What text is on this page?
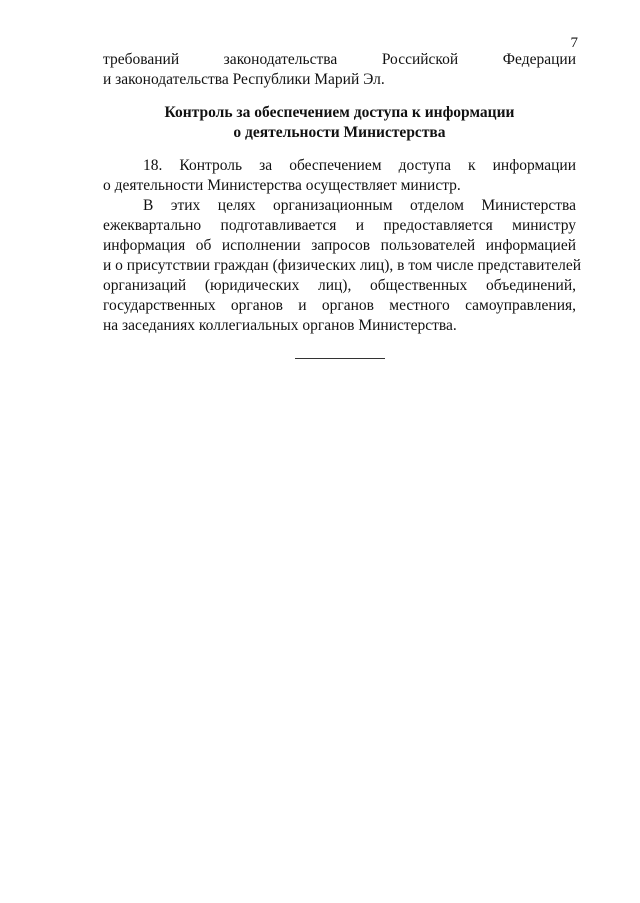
7
требований законодательства Российской Федерации
и законодательства Республики Марий Эл.
Контроль за обеспечением доступа к информации
о деятельности Министерства
18. Контроль за обеспечением доступа к информации
о деятельности Министерства осуществляет министр.
В этих целях организационным отделом Министерства
ежеквартально подготавливается и предоставляется министру
информация об исполнении запросов пользователей информацией
и о присутствии граждан (физических лиц), в том числе представителей
организаций (юридических лиц), общественных объединений,
государственных органов и органов местного самоуправления,
на заседаниях коллегиальных органов Министерства.
